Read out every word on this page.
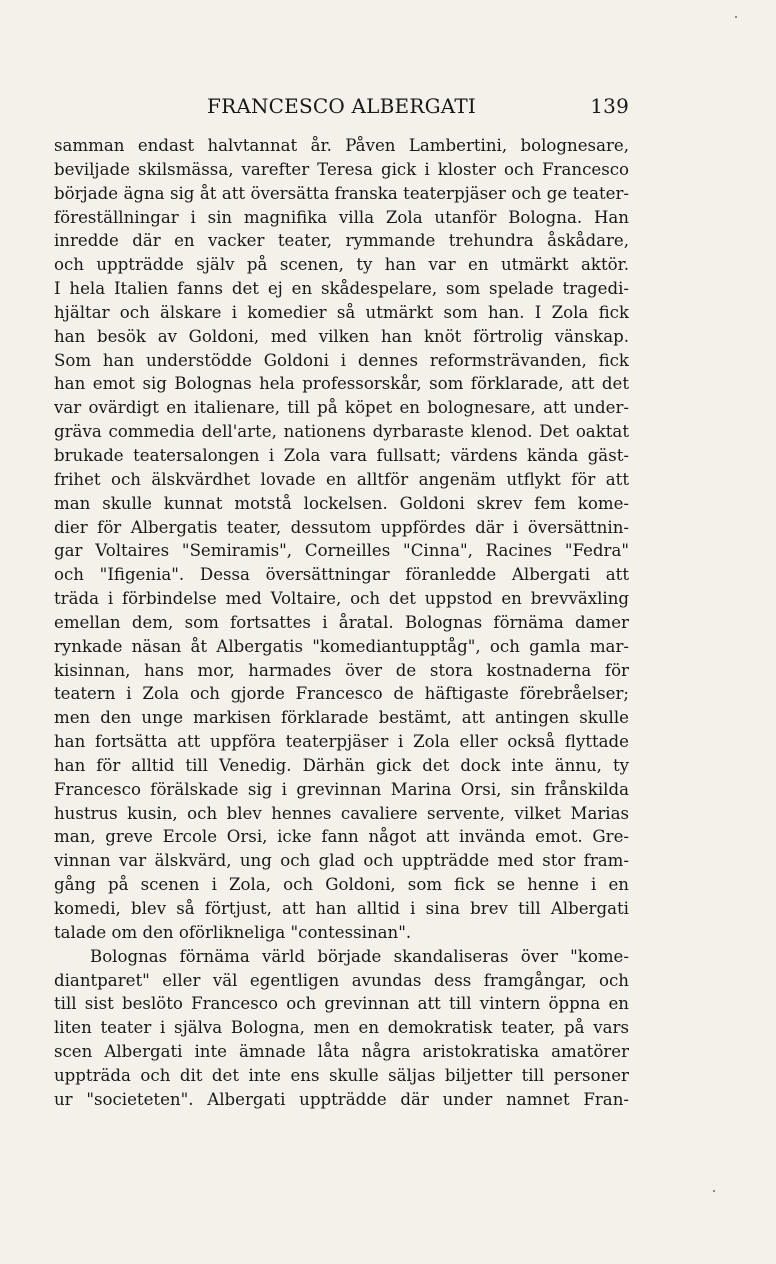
FRANCESCO ALBERGATI	139
samman endast halvtannat år. Påven Lambertini, bolognesare,
beviljade skilsmässa, varefter Teresa gick i kloster och Francesco
började ägna sig åt att översätta franska teaterpjäser och ge teater-
föreställningar i sin magnifika villa Zola utanför Bologna. Han
inredde där en vacker teater, rymmande trehundra åskådare,
och uppträdde själv på scenen, ty han var en utmärkt aktör.
I hela Italien fanns det ej en skådespelare, som spelade tragedi-
hjältar och älskare i komedier så utmärkt som han. I Zola fick
han besök av Goldoni, med vilken han knöt förtrolig vänskap.
Som han understödde Goldoni i dennes reformsträvanden, fick
han emot sig Bolognas hela professorskår, som förklarade, att det
var ovärdigt en italienare, till på köpet en bolognesare, att under-
gräva commedia dell'arte, nationens dyrbaraste klenod. Det oaktat
brukade teatersalongen i Zola vara fullsatt; värdens kända gäst-
frihet och älskvärdhet lovade en alltför angenäm utflykt för att
man skulle kunnat motstå lockelsen. Goldoni skrev fem kome-
dier för Albergatis teater, dessutom uppfördes där i översättnin-
gar Voltaires "Semiramis", Corneilles "Cinna", Racines "Fedra"
och "Ifigenia". Dessa översättningar föranledde Albergati att
träda i förbindelse med Voltaire, och det uppstod en brevväxling
emellan dem, som fortsattes i åratal. Bolognas förnäma damer
rynkade näsan åt Albergatis "komediantupptåg", och gamla mar-
kisinnan, hans mor, harmades över de stora kostnaderna för
teatern i Zola och gjorde Francesco de häftigaste förebråelser;
men den unge markisen förklarade bestämt, att antingen skulle
han fortsätta att uppföra teaterpjäser i Zola eller också flyttade
han för alltid till Venedig. Därhän gick det dock inte ännu, ty
Francesco förälskade sig i grevinnan Marina Orsi, sin frånskilda
hustrus kusin, och blev hennes cavaliere servente, vilket Marias
man, greve Ercole Orsi, icke fann något att invända emot. Gre-
vinnan var älskvärd, ung och glad och uppträdde med stor fram-
gång på scenen i Zola, och Goldoni, som fick se henne i en
komedi, blev så förtjust, att han alltid i sina brev till Albergati
talade om den oförlikneliga "contessinan".
Bolognas förnäma värld började skandaliseras över "kome-
diantparet" eller väl egentligen avundas dess framgångar, och
till sist beslöto Francesco och grevinnan att till vintern öppna en
liten teater i själva Bologna, men en demokratisk teater, på vars
scen Albergati inte ämnade låta några aristokratiska amatörer
uppträda och dit det inte ens skulle säljas biljetter till personer
ur "societeten". Albergati uppträdde där under namnet Fran-
